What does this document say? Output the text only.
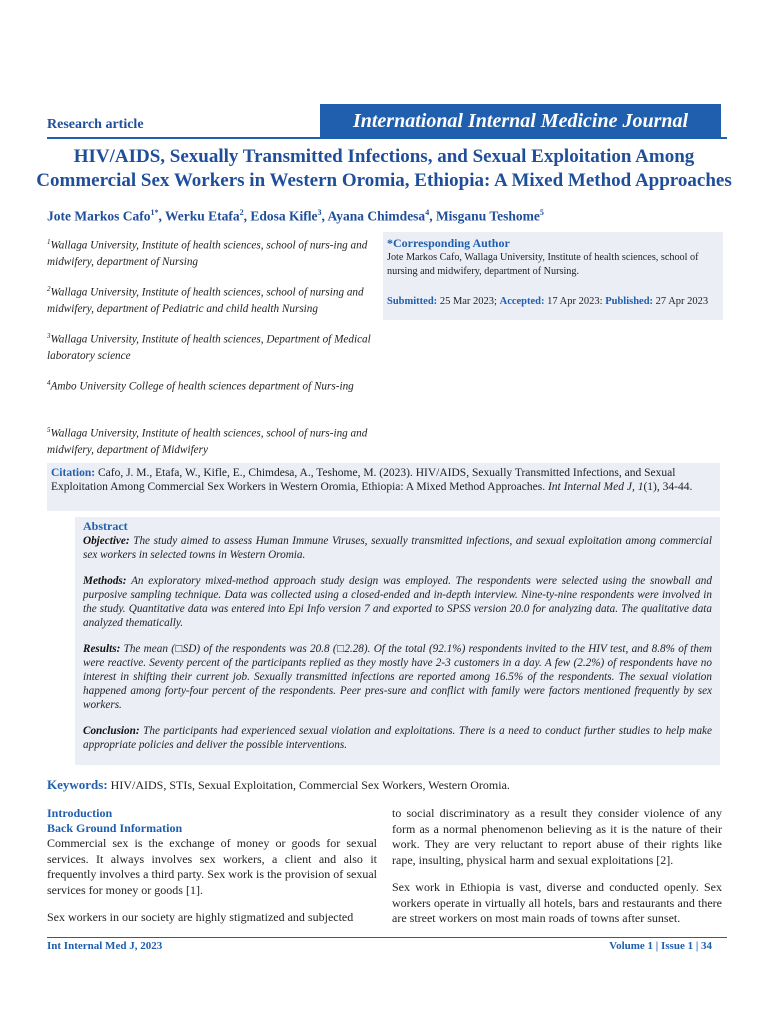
Research article	International Internal Medicine Journal
HIV/AIDS, Sexually Transmitted Infections, and Sexual Exploitation Among
Commercial Sex Workers in Western Oromia, Ethiopia: A Mixed Method Approaches
Jote Markos Cafo$^{1*}$, Werku Etafa$^2$, Edosa Kifle$^3$, Ayana Chimdesa$^4$, Misganu Teshome$^5$
$^1$Wallaga University, Institute of health sciences, school of nurs-ing and midwifery, department of Nursing
$^2$Wallaga University, Institute of health sciences, school of nursing and midwifery, department of Pediatric and child health Nursing
$^3$Wallaga University, Institute of health sciences, Department of Medical laboratory science
$^4$Ambo University College of health sciences department of Nurs-ing
$^5$Wallaga University, Institute of health sciences, school of nurs-ing and midwifery, department of Midwifery
*Corresponding Author
Jote Markos Cafo, Wallaga University, Institute of health sciences, school of nursing and midwifery, department of Nursing.
Submitted: 25 Mar 2023; Accepted: 17 Apr 2023: Published: 27 Apr 2023
Citation: Cafo, J. M., Etafa, W., Kifle, E., Chimdesa, A., Teshome, M. (2023). HIV/AIDS, Sexually Transmitted Infections, and Sexual Exploitation Among Commercial Sex Workers in Western Oromia, Ethiopia: A Mixed Method Approaches. Int Internal Med J, 1(1), 34-44.
Abstract

Objective: The study aimed to assess Human Immune Viruses, sexually transmitted infections, and sexual exploitation among commercial sex workers in selected towns in Western Oromia.

Methods: An exploratory mixed-method approach study design was employed. The respondents were selected using the snowball and purposive sampling technique. Data was collected using a closed-ended and in-depth interview. Nine-ty-nine respondents were involved in the study. Quantitative data was entered into Epi Info version 7 and exported to SPSS version 20.0 for analyzing data. The qualitative data analyzed thematically.

Results: The mean (□SD) of the respondents was 20.8 (□2.28). Of the total (92.1%) respondents invited to the HIV test, and 8.8% of them were reactive. Seventy percent of the participants replied as they mostly have 2-3 customers in a day. A few (2.2%) of respondents have no interest in shifting their current job. Sexually transmitted infections are reported among 16.5% of the respondents. The sexual violation happened among forty-four percent of the respondents. Peer pres-sure and conflict with family were factors mentioned frequently by sex workers.

Conclusion: The participants had experienced sexual violation and exploitations. There is a need to conduct further studies to help make appropriate policies and deliver the possible interventions.

Keywords: HIV/AIDS, STIs, Sexual Exploitation, Commercial Sex Workers, Western Oromia.
Introduction
Back Ground Information

Commercial sex is the exchange of money or goods for sexual services. It always involves sex workers, a client and also it frequently involves a third party. Sex work is the provision of sexual services for money or goods [1].

Sex workers in our society are highly stigmatized and subjected

to social discriminatory as a result they consider violence of any form as a normal phenomenon believing as it is the nature of their work. They are very reluctant to report abuse of their rights like rape, insulting, physical harm and sexual exploitations [2].

Sex work in Ethiopia is vast, diverse and conducted openly. Sex workers operate in virtually all hotels, bars and restaurants and there are street workers on most main roads of towns after sunset.

Int Internal Med J, 2023	Volume 1 | Issue 1 | 34
